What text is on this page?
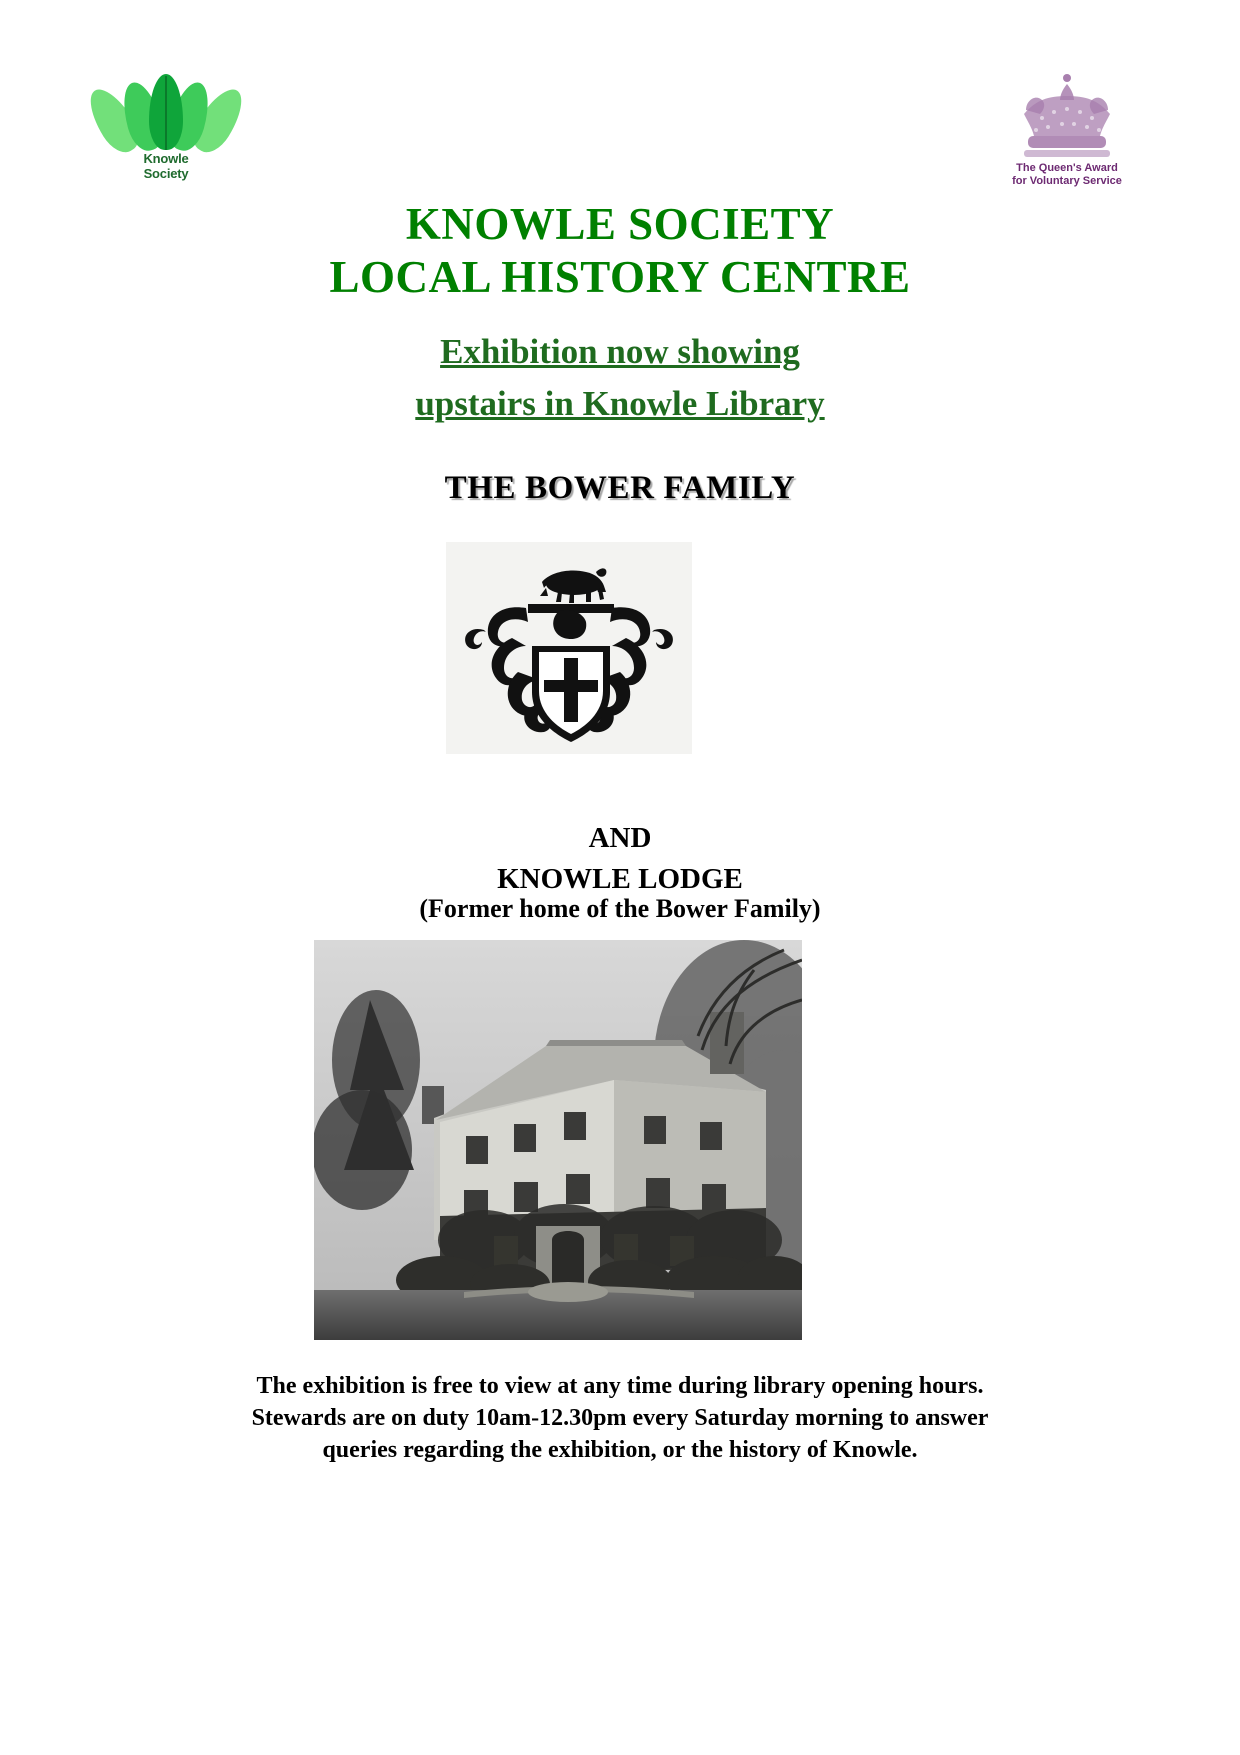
Knowle
Society	The Queen's Award
for Voluntary Service
KNOWLE SOCIETY
LOCAL HISTORY CENTRE
Exhibition now showing
upstairs in Knowle Library
THE BOWER FAMILY
AND
KNOWLE LODGE
(Former home of the Bower Family)
The exhibition is free to view at any time during library opening hours.
Stewards are on duty 10am-12.30pm every Saturday morning to answer
queries regarding the exhibition, or the history of Knowle.
